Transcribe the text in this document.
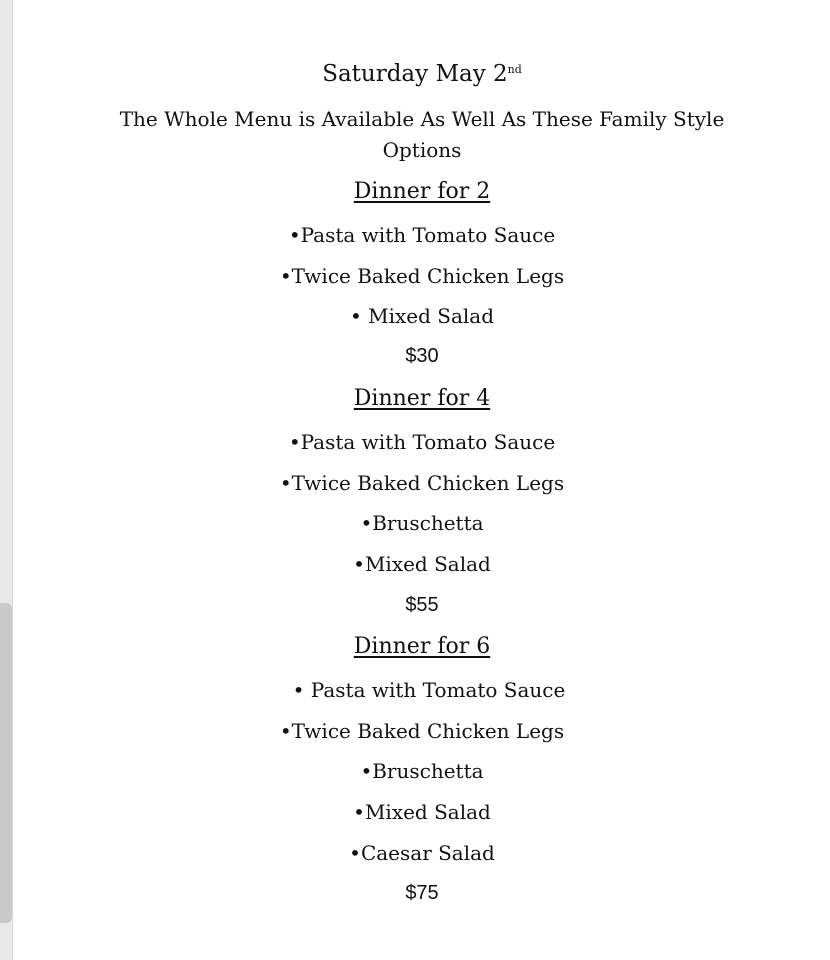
Saturday May 2nd
The Whole Menu is Available As Well As These Family Style
Options
Dinner for 2
•Pasta with Tomato Sauce
•Twice Baked Chicken Legs
• Mixed Salad
$30
Dinner for 4
•Pasta with Tomato Sauce
•Twice Baked Chicken Legs
•Bruschetta
•Mixed Salad
$55
Dinner for 6
• Pasta with Tomato Sauce
•Twice Baked Chicken Legs
•Bruschetta
•Mixed Salad
•Caesar Salad
$75
